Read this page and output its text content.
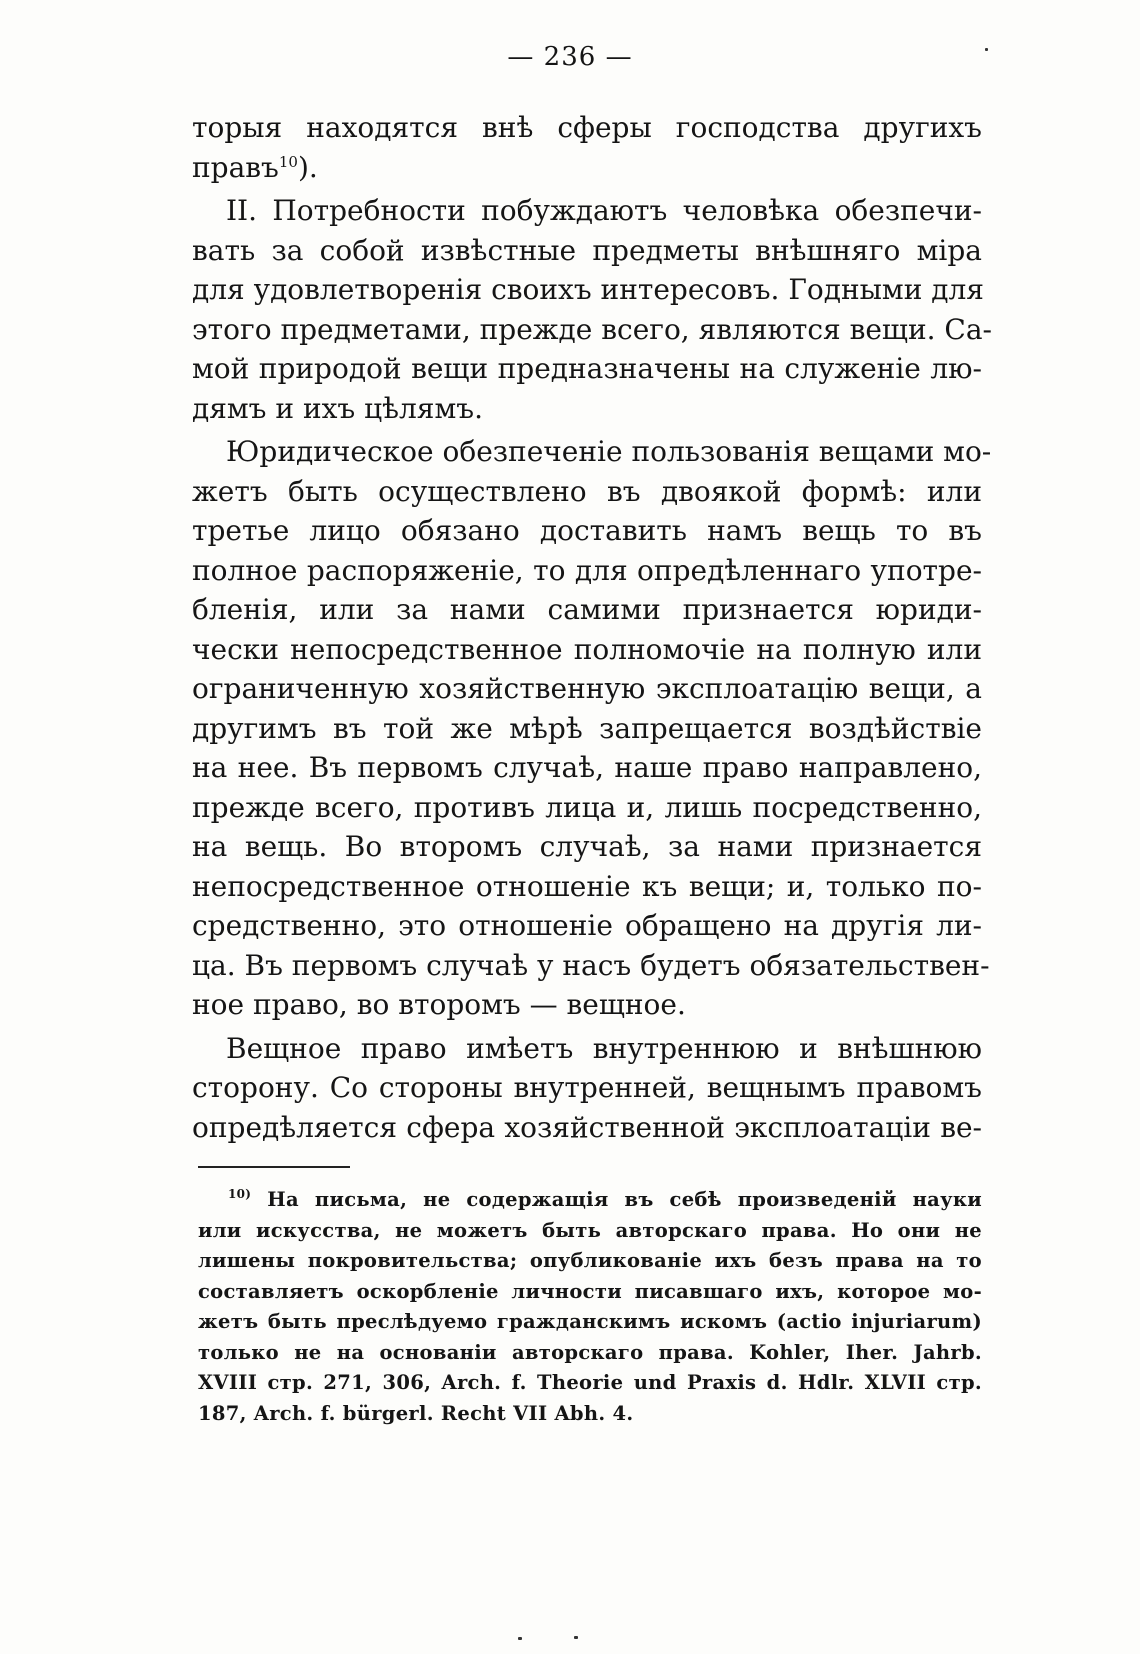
— 236 —
торыя находятся внѣ сферы господства другихъ
правъ$^{10}$).
II. Потребности побуждаютъ человѣка обезпечи-
вать за собой извѣстные предметы внѣшняго міра
для удовлетворенія своихъ интересовъ. Годными для
этого предметами, прежде всего, являются вещи. Са-
мой природой вещи предназначены на служеніе лю-
дямъ и ихъ цѣлямъ.
Юридическое обезпеченіе пользованія вещами мо-
жетъ быть осуществлено въ двоякой формѣ: или
третье лицо обязано доставить намъ вещь то въ
полное распоряженіе, то для опредѣленнаго употре-
бленія, или за нами самими признается юриди-
чески непосредственное полномочіе на полную или
ограниченную хозяйственную эксплоатацію вещи, а
другимъ въ той же мѣрѣ запрещается воздѣйствіе
на нее. Въ первомъ случаѣ, наше право направлено,
прежде всего, противъ лица и, лишь посредственно,
на вещь. Во второмъ случаѣ, за нами признается
непосредственное отношеніе къ вещи; и, только по-
средственно, это отношеніе обращено на другія ли-
ца. Въ первомъ случаѣ у насъ будетъ обязательствен-
ное право, во второмъ — вещное.
Вещное право имѣетъ внутреннюю и внѣшнюю
сторону. Со стороны внутренней, вещнымъ правомъ
опредѣляется сфера хозяйственной эксплоатаціи ве-
$^{10)}$ На письма, не содержащія въ себѣ произведеній науки
или искусства, не можетъ быть авторскаго права. Но они не
лишены покровительства; опубликованіе ихъ безъ права на то
составляетъ оскорбленіе личности писавшаго ихъ, которое мо-
жетъ быть преслѣдуемо гражданскимъ искомъ (actio injuriarum)
только не на основаніи авторскаго права. Kohler, Iher. Jahrb.
XVIII стр. 271, 306, Arch. f. Theorie und Praxis d. Hdlr. XLVII стр.
187, Arch. f. bürgerl. Recht VII Abh. 4.
